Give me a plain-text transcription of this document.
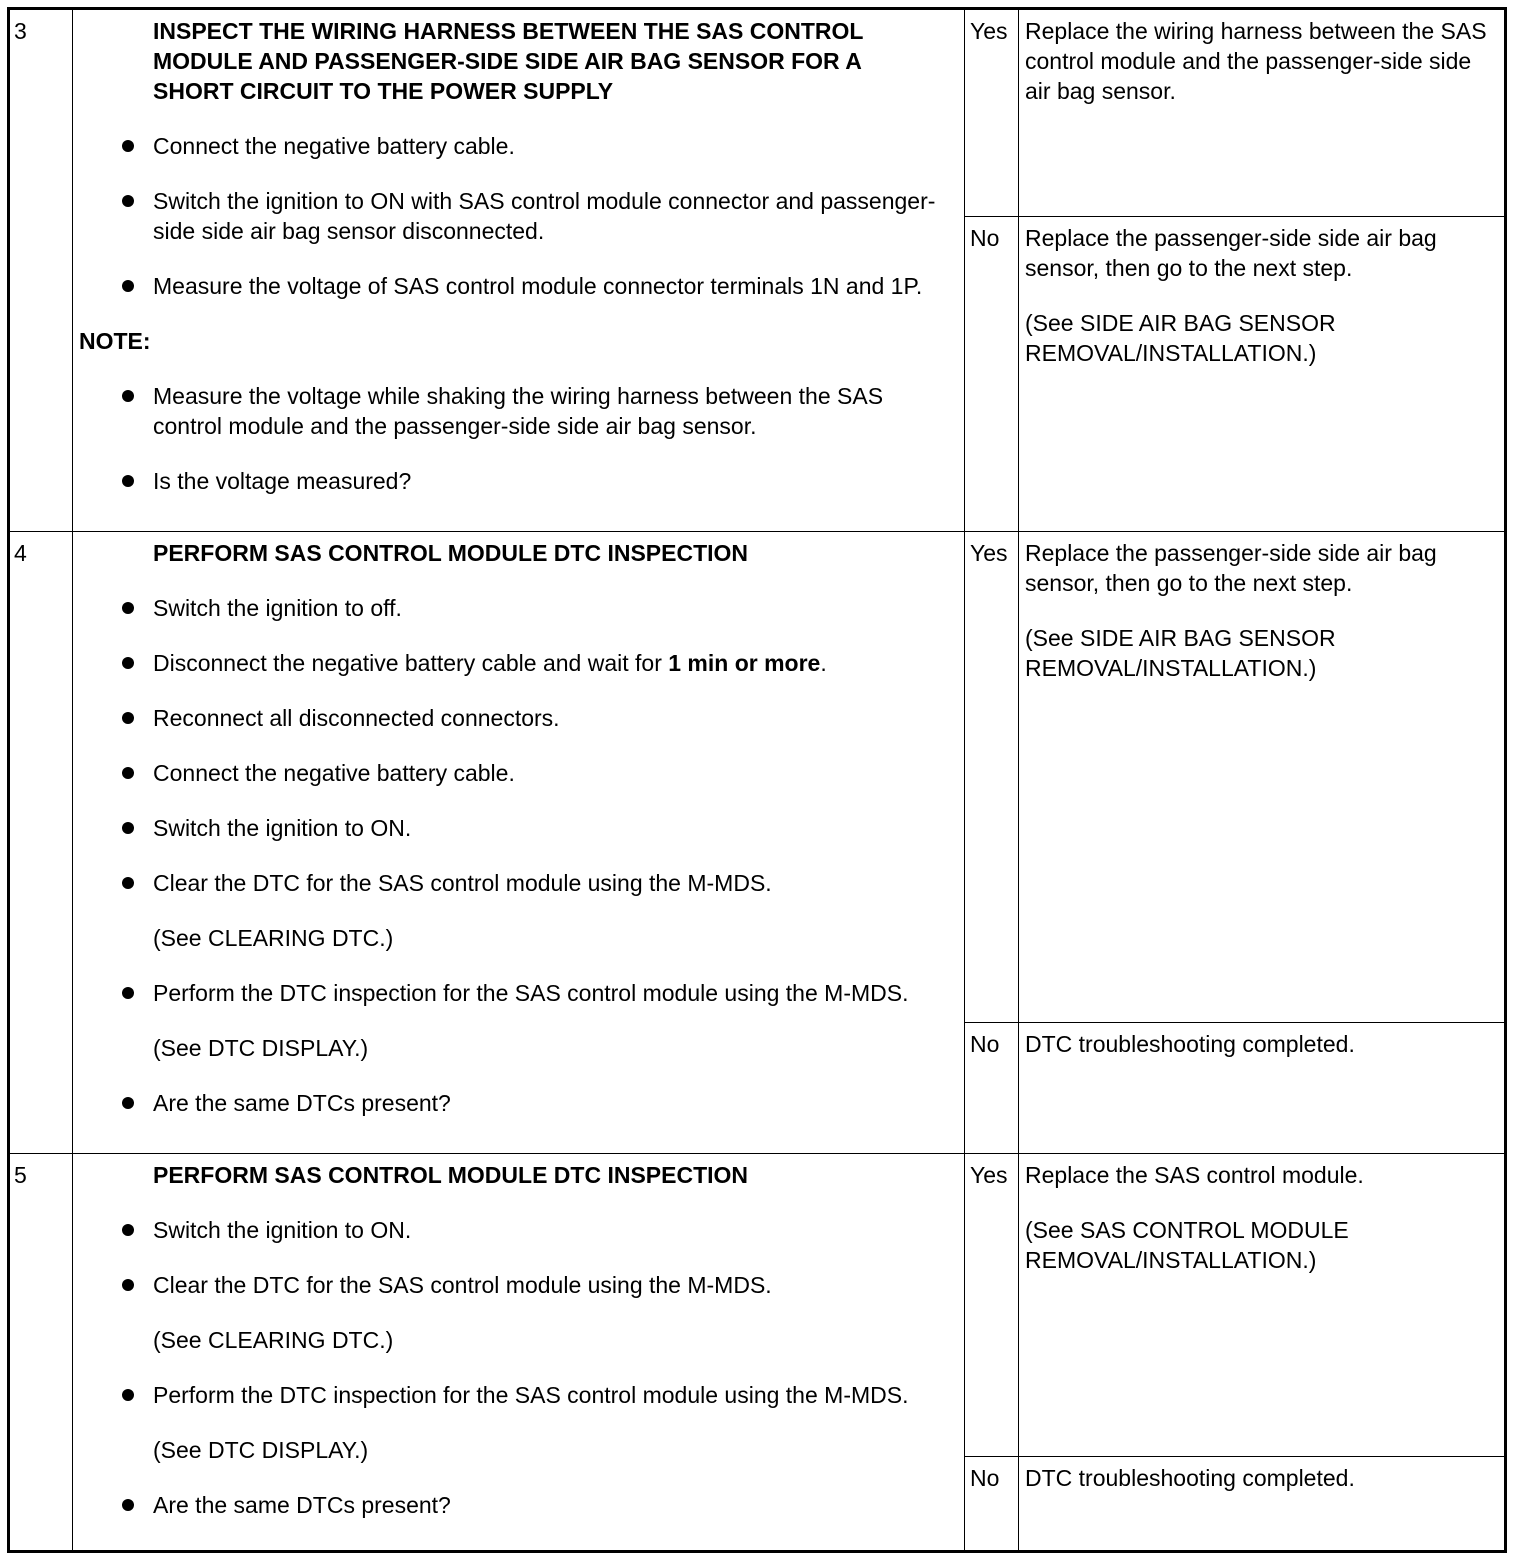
3	INSPECT THE WIRING HARNESS BETWEEN THE SAS CONTROL MODULE AND PASSENGER-SIDE SIDE AIR BAG SENSOR FOR A SHORT CIRCUIT TO THE POWER SUPPLY

Connect the negative battery cable.

Switch the ignition to ON with SAS control module connector and passenger-side side air bag sensor disconnected.

Measure the voltage of SAS control module connector terminals 1N and 1P.

NOTE:

Measure the voltage while shaking the wiring harness between the SAS control module and the passenger-side side air bag sensor.

Is the voltage measured?

Yes Replace the wiring harness between the SAS control module and the passenger-side side air bag sensor.

No	Replace the passenger-side side air bag sensor, then go to the next step.

(See SIDE AIR BAG SENSOR REMOVAL/INSTALLATION.)

4	PERFORM SAS CONTROL MODULE DTC INSPECTION

Switch the ignition to off.

Disconnect the negative battery cable and wait for 1 min or more.

Reconnect all disconnected connectors.

Connect the negative battery cable.

Switch the ignition to ON.

Clear the DTC for the SAS control module using the M-MDS.

(See CLEARING DTC.)

Perform the DTC inspection for the SAS control module using the M-MDS.

(See DTC DISPLAY.)

Are the same DTCs present?

Yes Replace the passenger-side side air bag sensor, then go to the next step.

(See SIDE AIR BAG SENSOR REMOVAL/INSTALLATION.)

No	DTC troubleshooting completed.

5	PERFORM SAS CONTROL MODULE DTC INSPECTION

Switch the ignition to ON.

Clear the DTC for the SAS control module using the M-MDS.

(See CLEARING DTC.)

Perform the DTC inspection for the SAS control module using the M-MDS.

(See DTC DISPLAY.)

Are the same DTCs present?

Yes Replace the SAS control module.

(See SAS CONTROL MODULE REMOVAL/INSTALLATION.)

No	DTC troubleshooting completed.
